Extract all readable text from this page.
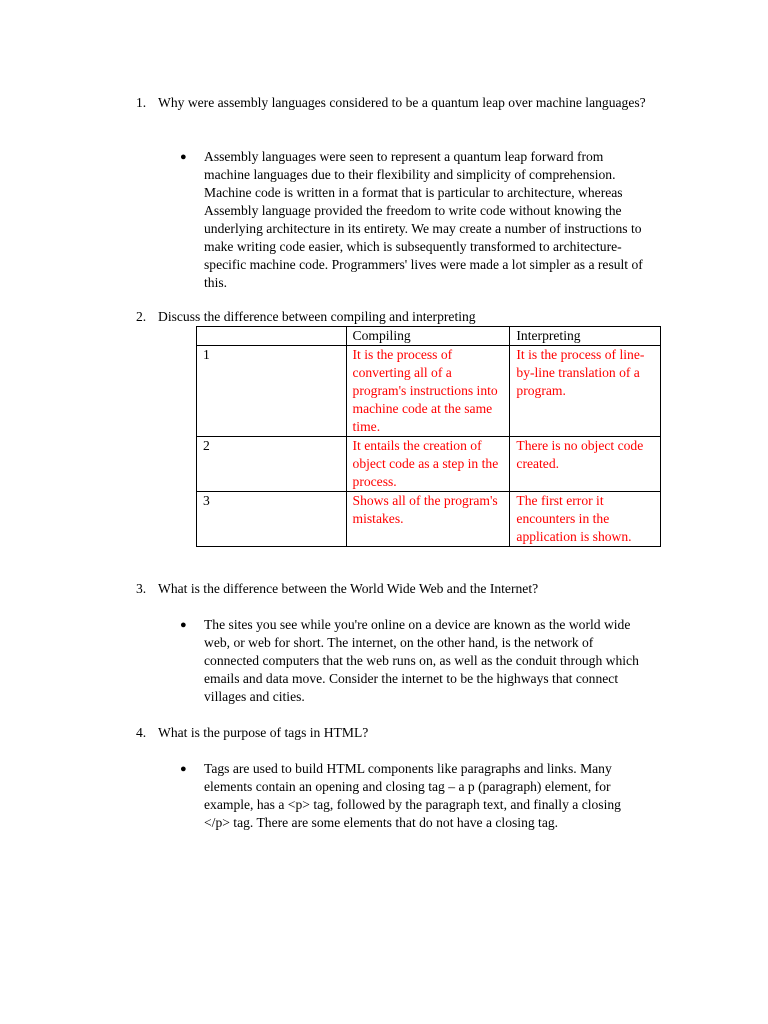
1. Why were assembly languages considered to be a quantum leap over machine languages?
●	Assembly languages were seen to represent a quantum leap forward from machine languages due to their flexibility and simplicity of comprehension. Machine code is written in a format that is particular to architecture, whereas Assembly language provided the freedom to write code without knowing the underlying architecture in its entirety. We may create a number of instructions to make writing code easier, which is subsequently transformed to architecture-specific machine code. Programmers' lives were made a lot simpler as a result of this.
2. Discuss the difference between compiling and interpreting
	Compiling	Interpreting
1	It is the process of converting all of a program's instructions into machine code at the same time.	It is the process of line-by-line translation of a program.
2	It entails the creation of object code as a step in the process.	There is no object code created.
3	Shows all of the program's mistakes.	The first error it encounters in the application is shown.
3. What is the difference between the World Wide Web and the Internet?
●	The sites you see while you're online on a device are known as the world wide web, or web for short. The internet, on the other hand, is the network of connected computers that the web runs on, as well as the conduit through which emails and data move. Consider the internet to be the highways that connect villages and cities.
4. What is the purpose of tags in HTML?
●	Tags are used to build HTML components like paragraphs and links. Many elements contain an opening and closing tag – a p (paragraph) element, for example, has a <p> tag, followed by the paragraph text, and finally a closing </p> tag. There are some elements that do not have a closing tag.
